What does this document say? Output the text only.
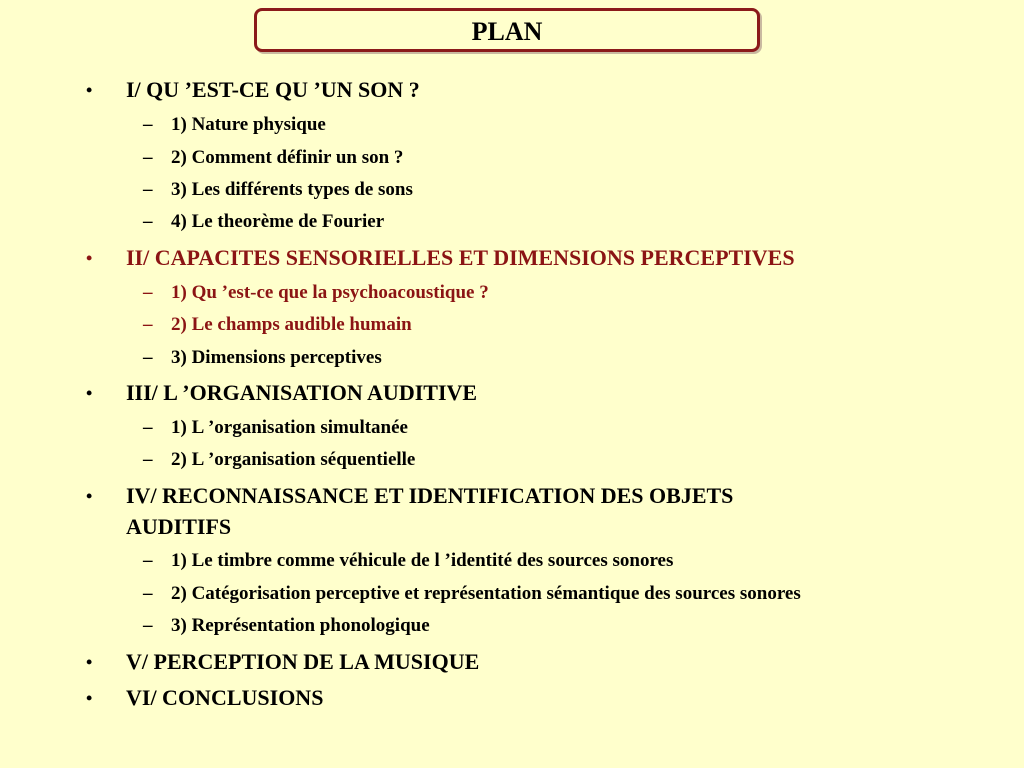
PLAN
•	I/ QU ’EST-CE QU ’UN SON ?
– 1) Nature physique
– 2) Comment définir un son ?
– 3) Les différents types de sons
– 4) Le theorème de Fourier
•	II/ CAPACITES SENSORIELLES ET DIMENSIONS PERCEPTIVES
– 1) Qu ’est-ce que la psychoacoustique ?
– 2) Le champs audible humain
– 3) Dimensions perceptives
•	III/ L ’ORGANISATION AUDITIVE
– 1) L ’organisation simultanée
– 2) L ’organisation séquentielle
•	IV/ RECONNAISSANCE ET IDENTIFICATION DES OBJETS
AUDITIFS
– 1) Le timbre comme véhicule de l ’identité des sources sonores
– 2) Catégorisation perceptive et représentation sémantique des sources sonores
– 3) Représentation phonologique
•	V/ PERCEPTION DE LA MUSIQUE
•	VI/ CONCLUSIONS
